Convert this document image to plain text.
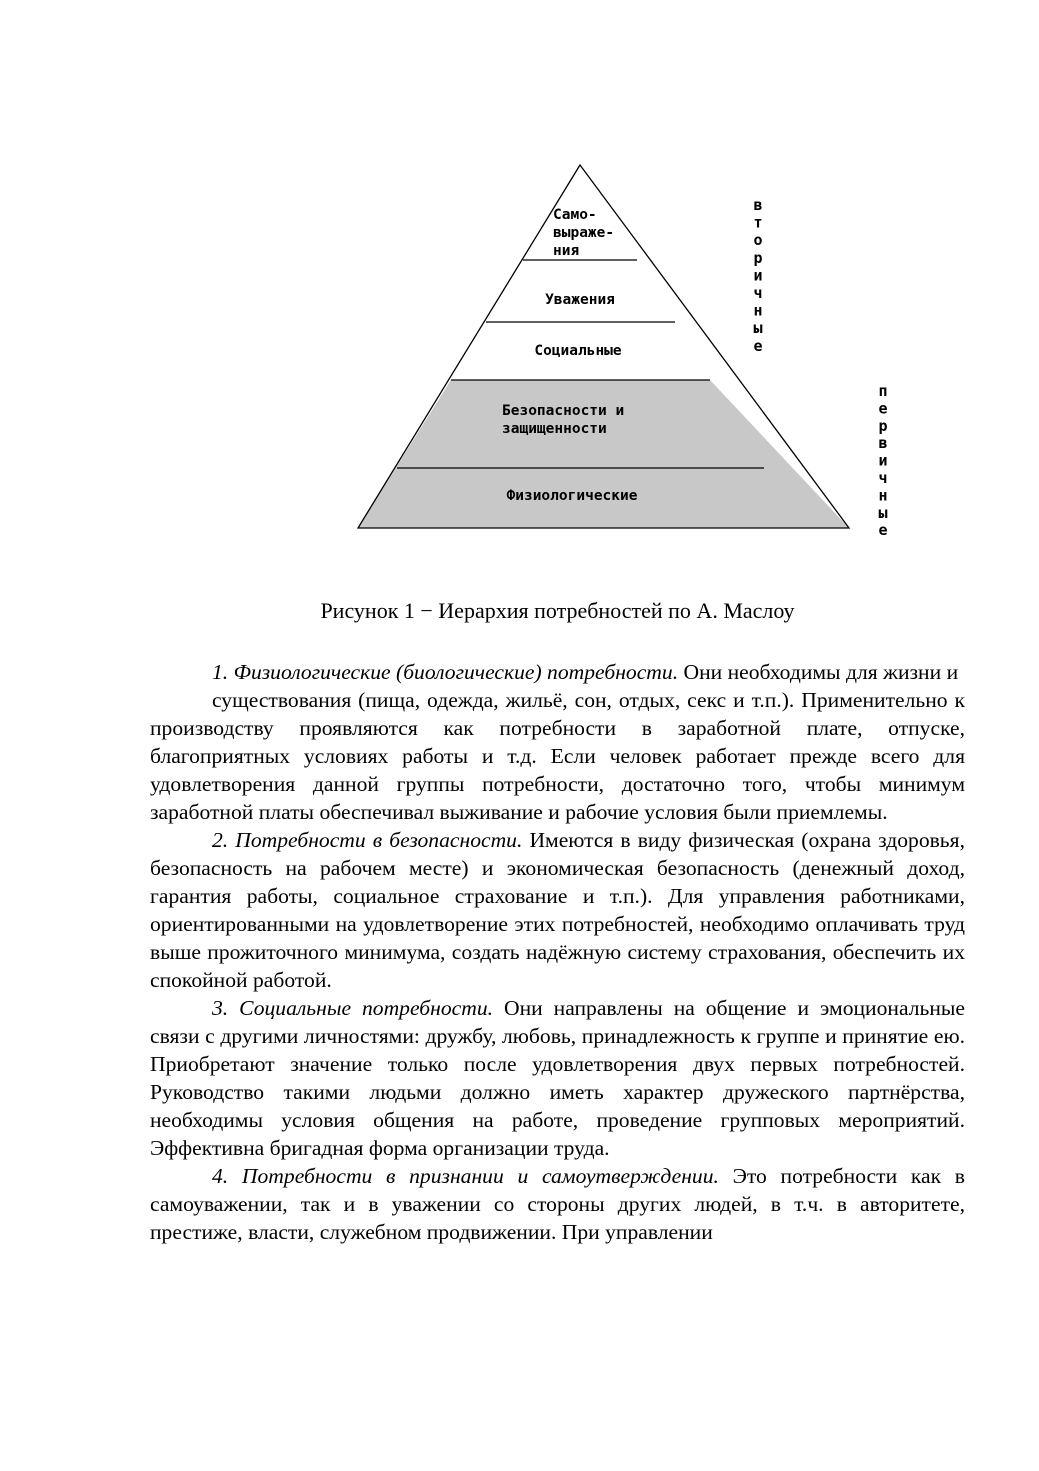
Само-
выраже-
ния
Уважения
Социальные
Безопасности и
защищенности
Физиологические
в т о р и ч н ы е
п е р в и ч н ы е
Рисунок 1 − Иерархия потребностей по А. Маслоу

1. Физиологические (биологические) потребности. Они необходимы для жизни и

существования (пища, одежда, жильё, сон, отдых, секс и т.п.). Применительно к производству проявляются как потребности в заработной плате, отпуске, благоприятных условиях работы и т.д. Если человек работает прежде всего для удовлетворения данной группы потребности, достаточно того, чтобы минимум заработной платы обеспечивал выживание и рабочие условия были приемлемы.

2. Потребности в безопасности. Имеются в виду физическая (охрана здоровья, безопасность на рабочем месте) и экономическая безопасность (денежный доход, гарантия работы, социальное страхование и т.п.). Для управления работниками, ориентированными на удовлетворение этих потребностей, необходимо оплачивать труд выше прожиточного минимума, создать надёжную систему страхования, обеспечить их спокойной работой.

3. Социальные потребности. Они направлены на общение и эмоциональные связи с другими личностями: дружбу, любовь, принадлежность к группе и принятие ею. Приобретают значение только после удовлетворения двух первых потребностей. Руководство такими людьми должно иметь характер дружеского партнёрства, необходимы условия общения на работе, проведение групповых мероприятий. Эффективна бригадная форма организации труда.

4. Потребности в признании и самоутверждении. Это потребности как в самоуважении, так и в уважении со стороны других людей, в т.ч. в авторитете, престиже, власти, служебном продвижении. При управлении
